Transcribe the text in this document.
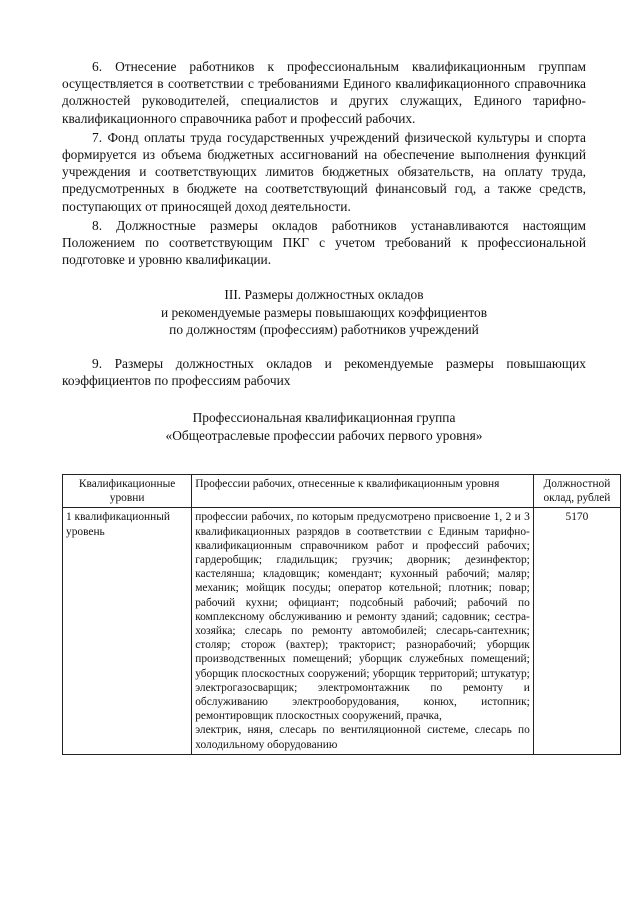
6. Отнесение работников к профессиональным квалификационным группам осуществляется в соответствии с требованиями Единого квалификационного справочника должностей руководителей, специалистов и других служащих, Единого тарифно-квалификационного справочника работ и профессий рабочих.

7. Фонд оплаты труда государственных учреждений физической культуры и спорта формируется из объема бюджетных ассигнований на обеспечение выполнения функций учреждения и соответствующих лимитов бюджетных обязательств, на оплату труда, предусмотренных в бюджете на соответствующий финансовый год, а также средств, поступающих от приносящей доход деятельности.

8. Должностные размеры окладов работников устанавливаются настоящим Положением по соответствующим ПКГ с учетом требований к профессиональной подготовке и уровню квалификации.

III. Размеры должностных окладов

и рекомендуемые размеры повышающих коэффициентов

по должностям (профессиям) работников учреждений

9. Размеры должностных окладов и рекомендуемые размеры повышающих коэффициентов по профессиям рабочих

Профессиональная квалификационная группа

«Общеотраслевые профессии рабочих первого уровня»

Квалификационные уровни	Профессии рабочих, отнесенные к квалификационным уровня	Должностной оклад, рублей
1 квалификационный уровень	профессии рабочих, по которым предусмотрено присвоение 1, 2 и 3 квалификационных разрядов в соответствии с Единым тарифно-квалификационным справочником работ и профессий рабочих; гардеробщик; гладильщик; грузчик; дворник; дезинфектор; кастелянша; кладовщик; комендант; кухонный рабочий; маляр; механик; мойщик посуды; оператор котельной; плотник; повар; рабочий кухни; официант; подсобный рабочий; рабочий по комплексному обслуживанию и ремонту зданий; садовник; сестра-хозяйка; слесарь по ремонту автомобилей; слесарь-сантехник; столяр; сторож (вахтер); тракторист; разнорабочий; уборщик производственных помещений; уборщик служебных помещений; уборщик плоскостных сооружений; уборщик территорий; штукатур; электрогазосварщик; электромонтажник по ремонту и обслуживанию электрооборудования, конюх, истопник; ремонтировщик плоскостных сооружений, прачка,
электрик, няня, слесарь по вентиляционной системе, слесарь по холодильному оборудованию	5170
